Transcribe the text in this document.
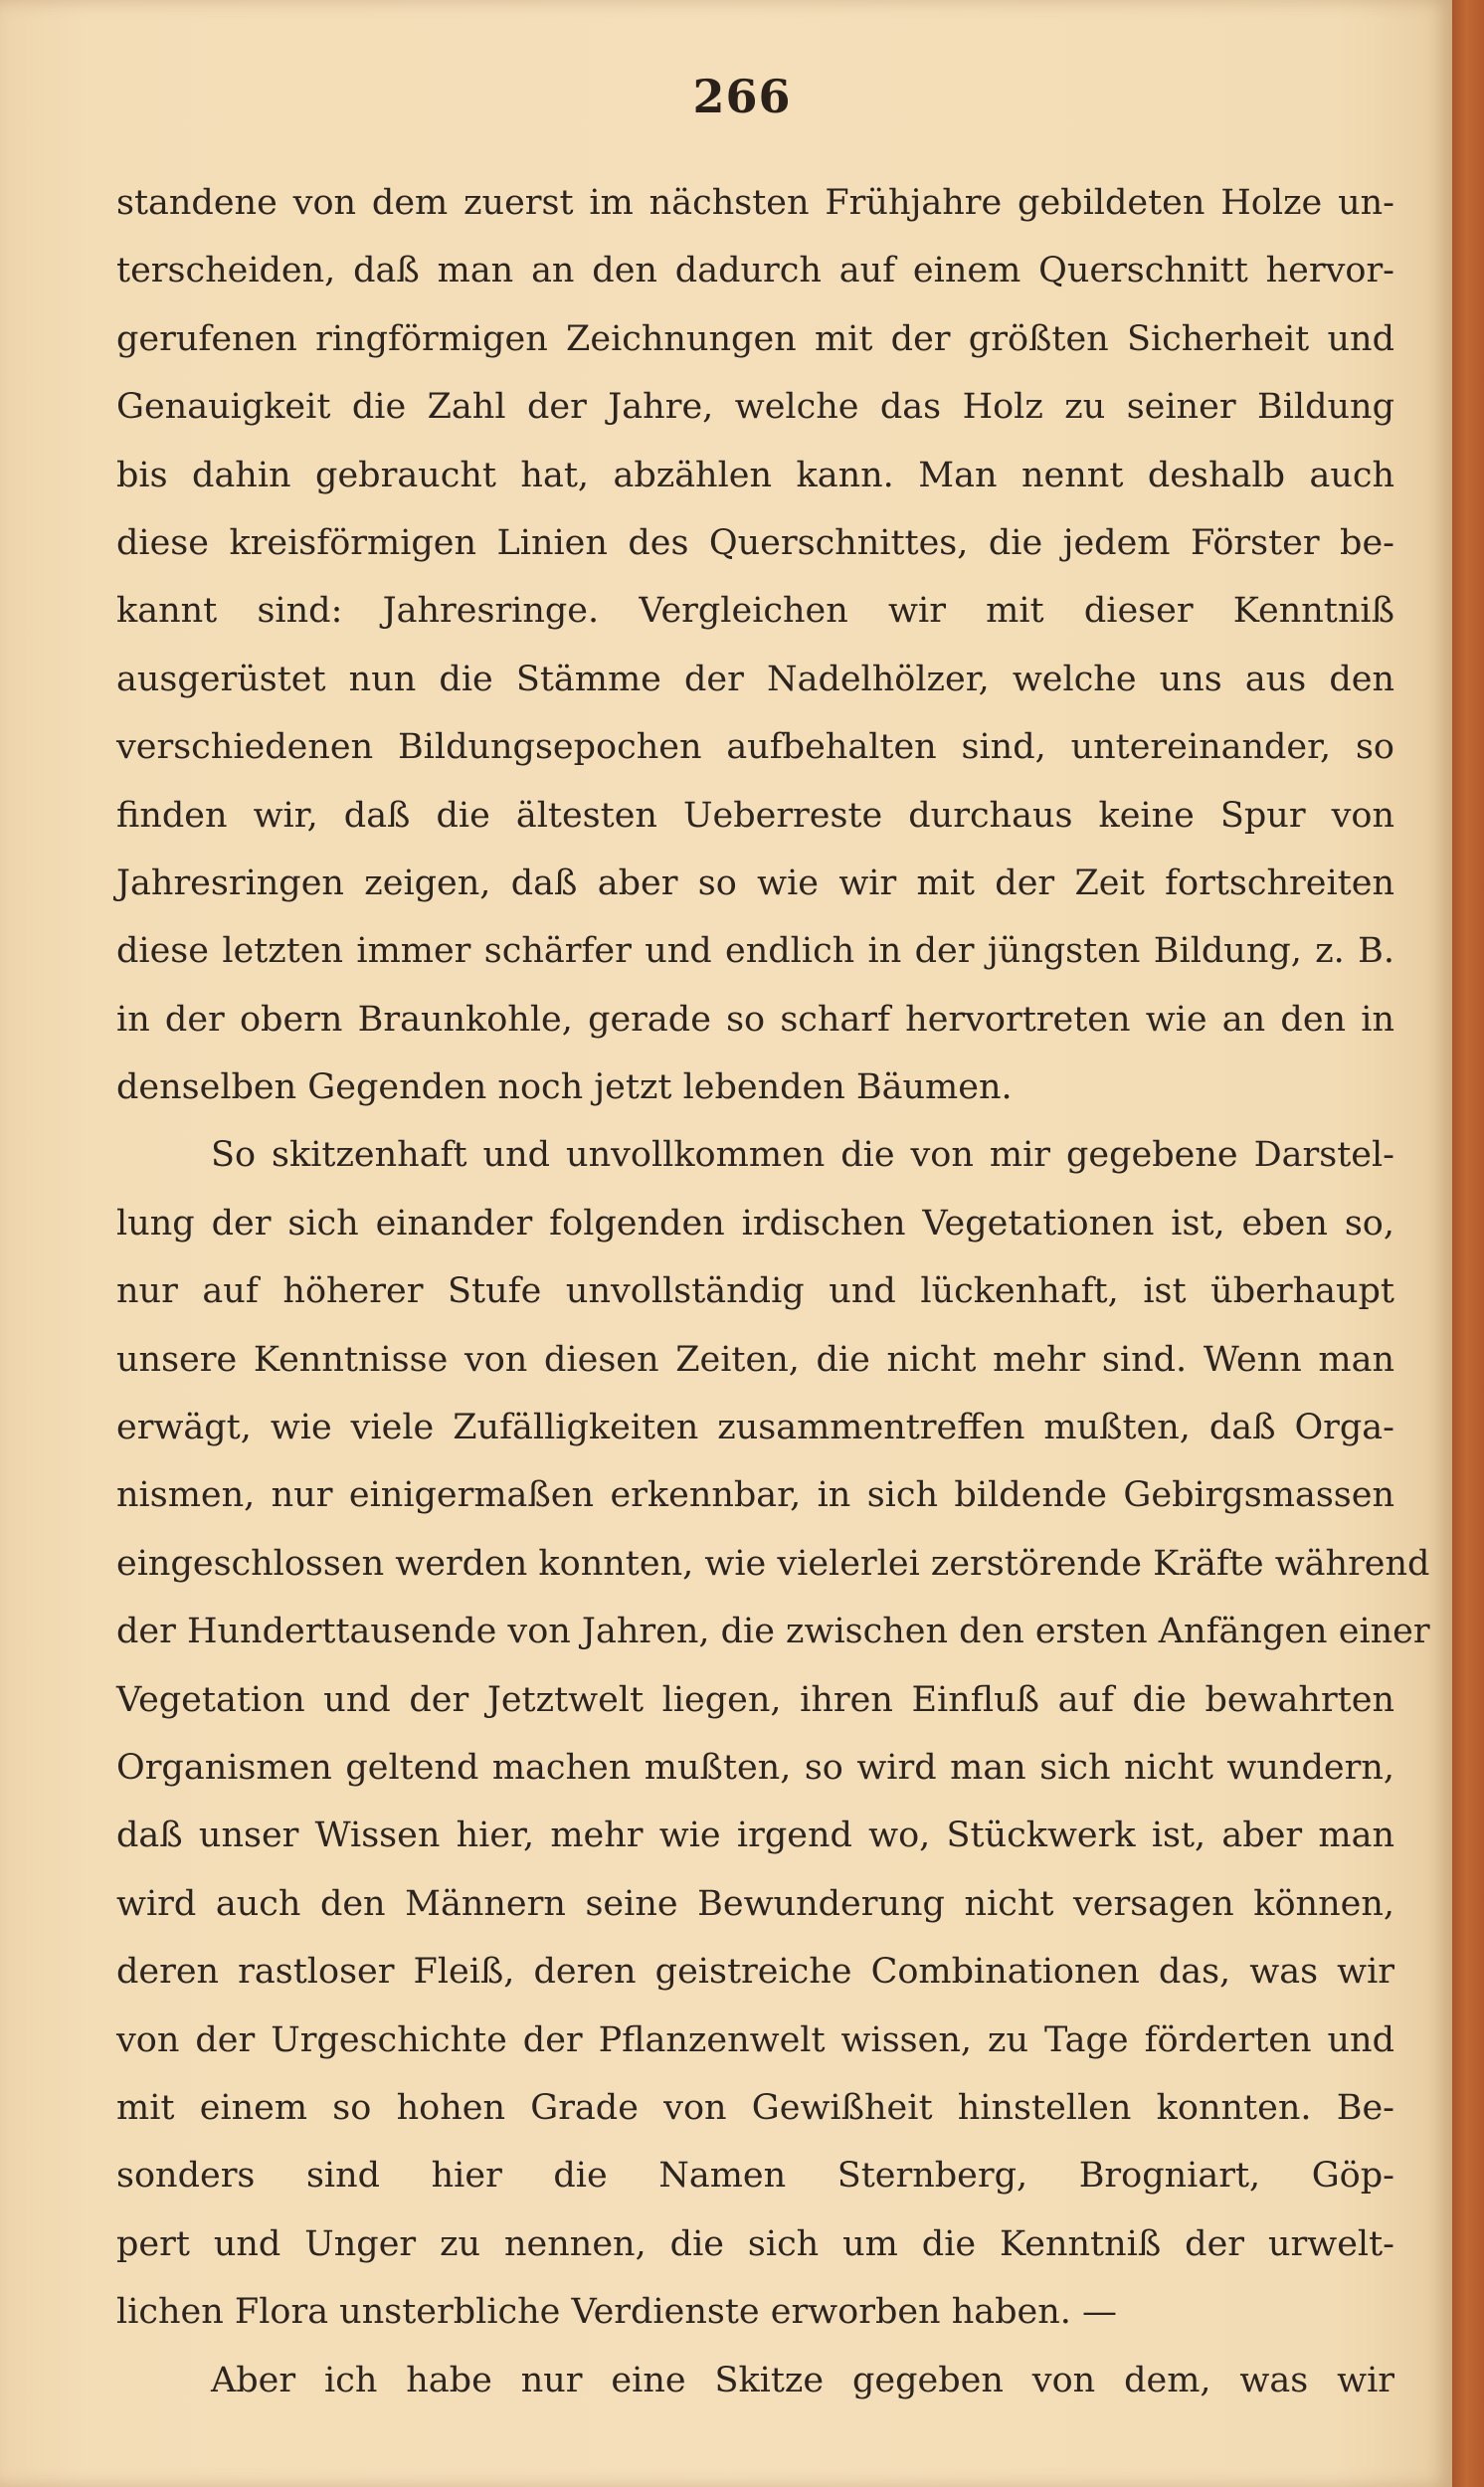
266
standene von dem zuerst im nächsten Frühjahre gebildeten Holze un-
terscheiden, daß man an den dadurch auf einem Querschnitt hervor-
gerufenen ringförmigen Zeichnungen mit der größten Sicherheit und
Genauigkeit die Zahl der Jahre, welche das Holz zu seiner Bildung
bis dahin gebraucht hat, abzählen kann. Man nennt deshalb auch
diese kreisförmigen Linien des Querschnittes, die jedem Förster be-
kannt sind: Jahresringe. Vergleichen wir mit dieser Kenntniß
ausgerüstet nun die Stämme der Nadelhölzer, welche uns aus den
verschiedenen Bildungsepochen aufbehalten sind, untereinander, so
finden wir, daß die ältesten Ueberreste durchaus keine Spur von
Jahresringen zeigen, daß aber so wie wir mit der Zeit fortschreiten
diese letzten immer schärfer und endlich in der jüngsten Bildung, z. B.
in der obern Braunkohle, gerade so scharf hervortreten wie an den in
denselben Gegenden noch jetzt lebenden Bäumen.
So skitzenhaft und unvollkommen die von mir gegebene Darstel-
lung der sich einander folgenden irdischen Vegetationen ist, eben so,
nur auf höherer Stufe unvollständig und lückenhaft, ist überhaupt
unsere Kenntnisse von diesen Zeiten, die nicht mehr sind. Wenn man
erwägt, wie viele Zufälligkeiten zusammentreffen mußten, daß Orga-
nismen, nur einigermaßen erkennbar, in sich bildende Gebirgsmassen
eingeschlossen werden konnten, wie vielerlei zerstörende Kräfte während
der Hunderttausende von Jahren, die zwischen den ersten Anfängen einer
Vegetation und der Jetztwelt liegen, ihren Einfluß auf die bewahrten
Organismen geltend machen mußten, so wird man sich nicht wundern,
daß unser Wissen hier, mehr wie irgend wo, Stückwerk ist, aber man
wird auch den Männern seine Bewunderung nicht versagen können,
deren rastloser Fleiß, deren geistreiche Combinationen das, was wir
von der Urgeschichte der Pflanzenwelt wissen, zu Tage förderten und
mit einem so hohen Grade von Gewißheit hinstellen konnten. Be-
sonders sind hier die Namen Sternberg, Brogniart, Göp-
pert und Unger zu nennen, die sich um die Kenntniß der urwelt-
lichen Flora unsterbliche Verdienste erworben haben. —
Aber ich habe nur eine Skitze gegeben von dem, was wir
